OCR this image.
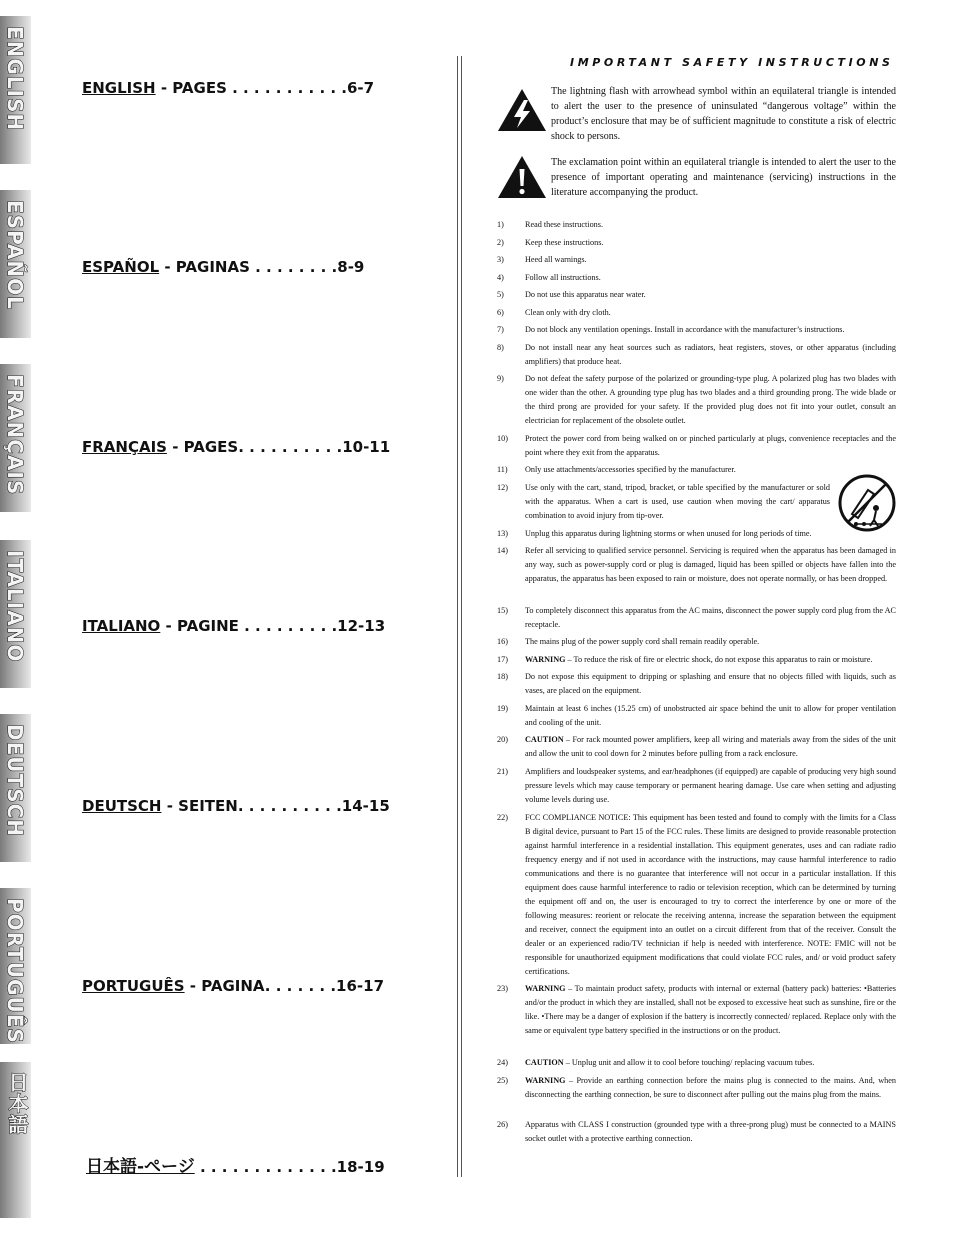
ENGLISH
ESPAÑOL
FRANÇAIS
ITALIANO
DEUTSCH
PORTUGUÊS
日本語
ENGLISH - PAGES . . . . . . . . . . .6-7
ESPAÑOL - PAGINAS . . . . . . . .8-9
FRANÇAIS - PAGES. . . . . . . . . .10-11
ITALIANO - PAGINE . . . . . . . . .12-13
DEUTSCH - SEITEN. . . . . . . . . .14-15
PORTUGUÊS - PAGINA. . . . . . .16-17
日本語-ページ . . . . . . . . . . . . .18-19
IMPORTANT SAFETY INSTRUCTIONS
The lightning flash with arrowhead symbol within an equilateral triangle is intended to alert the user to the presence of uninsulated “dangerous voltage” within the product’s enclosure that may be of sufficient magnitude to constitute a risk of electric shock to persons.
The exclamation point within an equilateral triangle is intended to alert the user to the presence of important operating and maintenance (servicing) instructions in the literature accompanying the product.
1)	Read these instructions.
2)	Keep these instructions.
3)	Heed all warnings.
4)	Follow all instructions.
5)	Do not use this apparatus near water.
6)	Clean only with dry cloth.
7)	Do not block any ventilation openings. Install in accordance with the manufacturer’s instructions.
8)	Do not install near any heat sources such as radiators, heat registers, stoves, or other apparatus (including amplifiers) that produce heat.
9)	Do not defeat the safety purpose of the polarized or grounding-type plug. A polarized plug has two blades with one wider than the other. A grounding type plug has two blades and a third grounding prong. The wide blade or the third prong are provided for your safety. If the provided plug does not fit into your outlet, consult an electrician for replacement of the obsolete outlet.
10) Protect the power cord from being walked on or pinched particularly at plugs, convenience receptacles and the point where they exit from the apparatus.
11) Only use attachments/accessories specified by the manufacturer.
12) Use only with the cart, stand, tripod, bracket, or table specified by the manufacturer or sold with the apparatus. When a cart is used, use caution when moving the cart/ apparatus combination to avoid injury from tip-over.
13) Unplug this apparatus during lightning storms or when unused for long periods of time.
14) Refer all servicing to qualified service personnel. Servicing is required when the apparatus has been damaged in any way, such as power-supply cord or plug is damaged, liquid has been spilled or objects have fallen into the apparatus, the apparatus has been exposed to rain or moisture, does not operate normally, or has been dropped.
15) To completely disconnect this apparatus from the AC mains, disconnect the power supply cord plug from the AC receptacle.
16) The mains plug of the power supply cord shall remain readily operable.
17) WARNING – To reduce the risk of fire or electric shock, do not expose this apparatus to rain or moisture.
18) Do not expose this equipment to dripping or splashing and ensure that no objects filled with liquids, such as vases, are placed on the equipment.
19) Maintain at least 6 inches (15.25 cm) of unobstructed air space behind the unit to allow for proper ventilation and cooling of the unit.
20) CAUTION – For rack mounted power amplifiers, keep all wiring and materials away from the sides of the unit and allow the unit to cool down for 2 minutes before pulling from a rack enclosure.
21) Amplifiers and loudspeaker systems, and ear/headphones (if equipped) are capable of producing very high sound pressure levels which may cause temporary or permanent hearing damage. Use care when setting and adjusting volume levels during use.
22) FCC COMPLIANCE NOTICE: This equipment has been tested and found to comply with the limits for a Class B digital device, pursuant to Part 15 of the FCC rules. These limits are designed to provide reasonable protection against harmful interference in a residential installation. This equipment generates, uses and can radiate radio frequency energy and if not used in accordance with the instructions, may cause harmful interference to radio communications and there is no guarantee that interference will not occur in a particular installation. If this equipment does cause harmful interference to radio or television reception, which can be determined by turning the equipment off and on, the user is encouraged to try to correct the interference by one or more of the following measures: reorient or relocate the receiving antenna, increase the separation between the equipment and receiver, connect the equipment into an outlet on a circuit different from that of the receiver. Consult the dealer or an experienced radio/TV technician if help is needed with interference. NOTE: FMIC will not be responsible for unauthorized equipment modifications that could violate FCC rules, and/ or void product safety certifications.
23) WARNING – To maintain product safety, products with internal or external (battery pack) batteries: •Batteries and/or the product in which they are installed, shall not be exposed to excessive heat such as sunshine, fire or the like. •There may be a danger of explosion if the battery is incorrectly connected/ replaced. Replace only with the same or equivalent type battery specified in the instructions or on the product.
24) CAUTION – Unplug unit and allow it to cool before touching/ replacing vacuum tubes.
25) WARNING – Provide an earthing connection before the mains plug is connected to the mains. And, when disconnecting the earthing connection, be sure to disconnect after pulling out the mains plug from the mains.
26) Apparatus with CLASS I construction (grounded type with a three-prong plug) must be connected to a MAINS socket outlet with a protective earthing connection.
